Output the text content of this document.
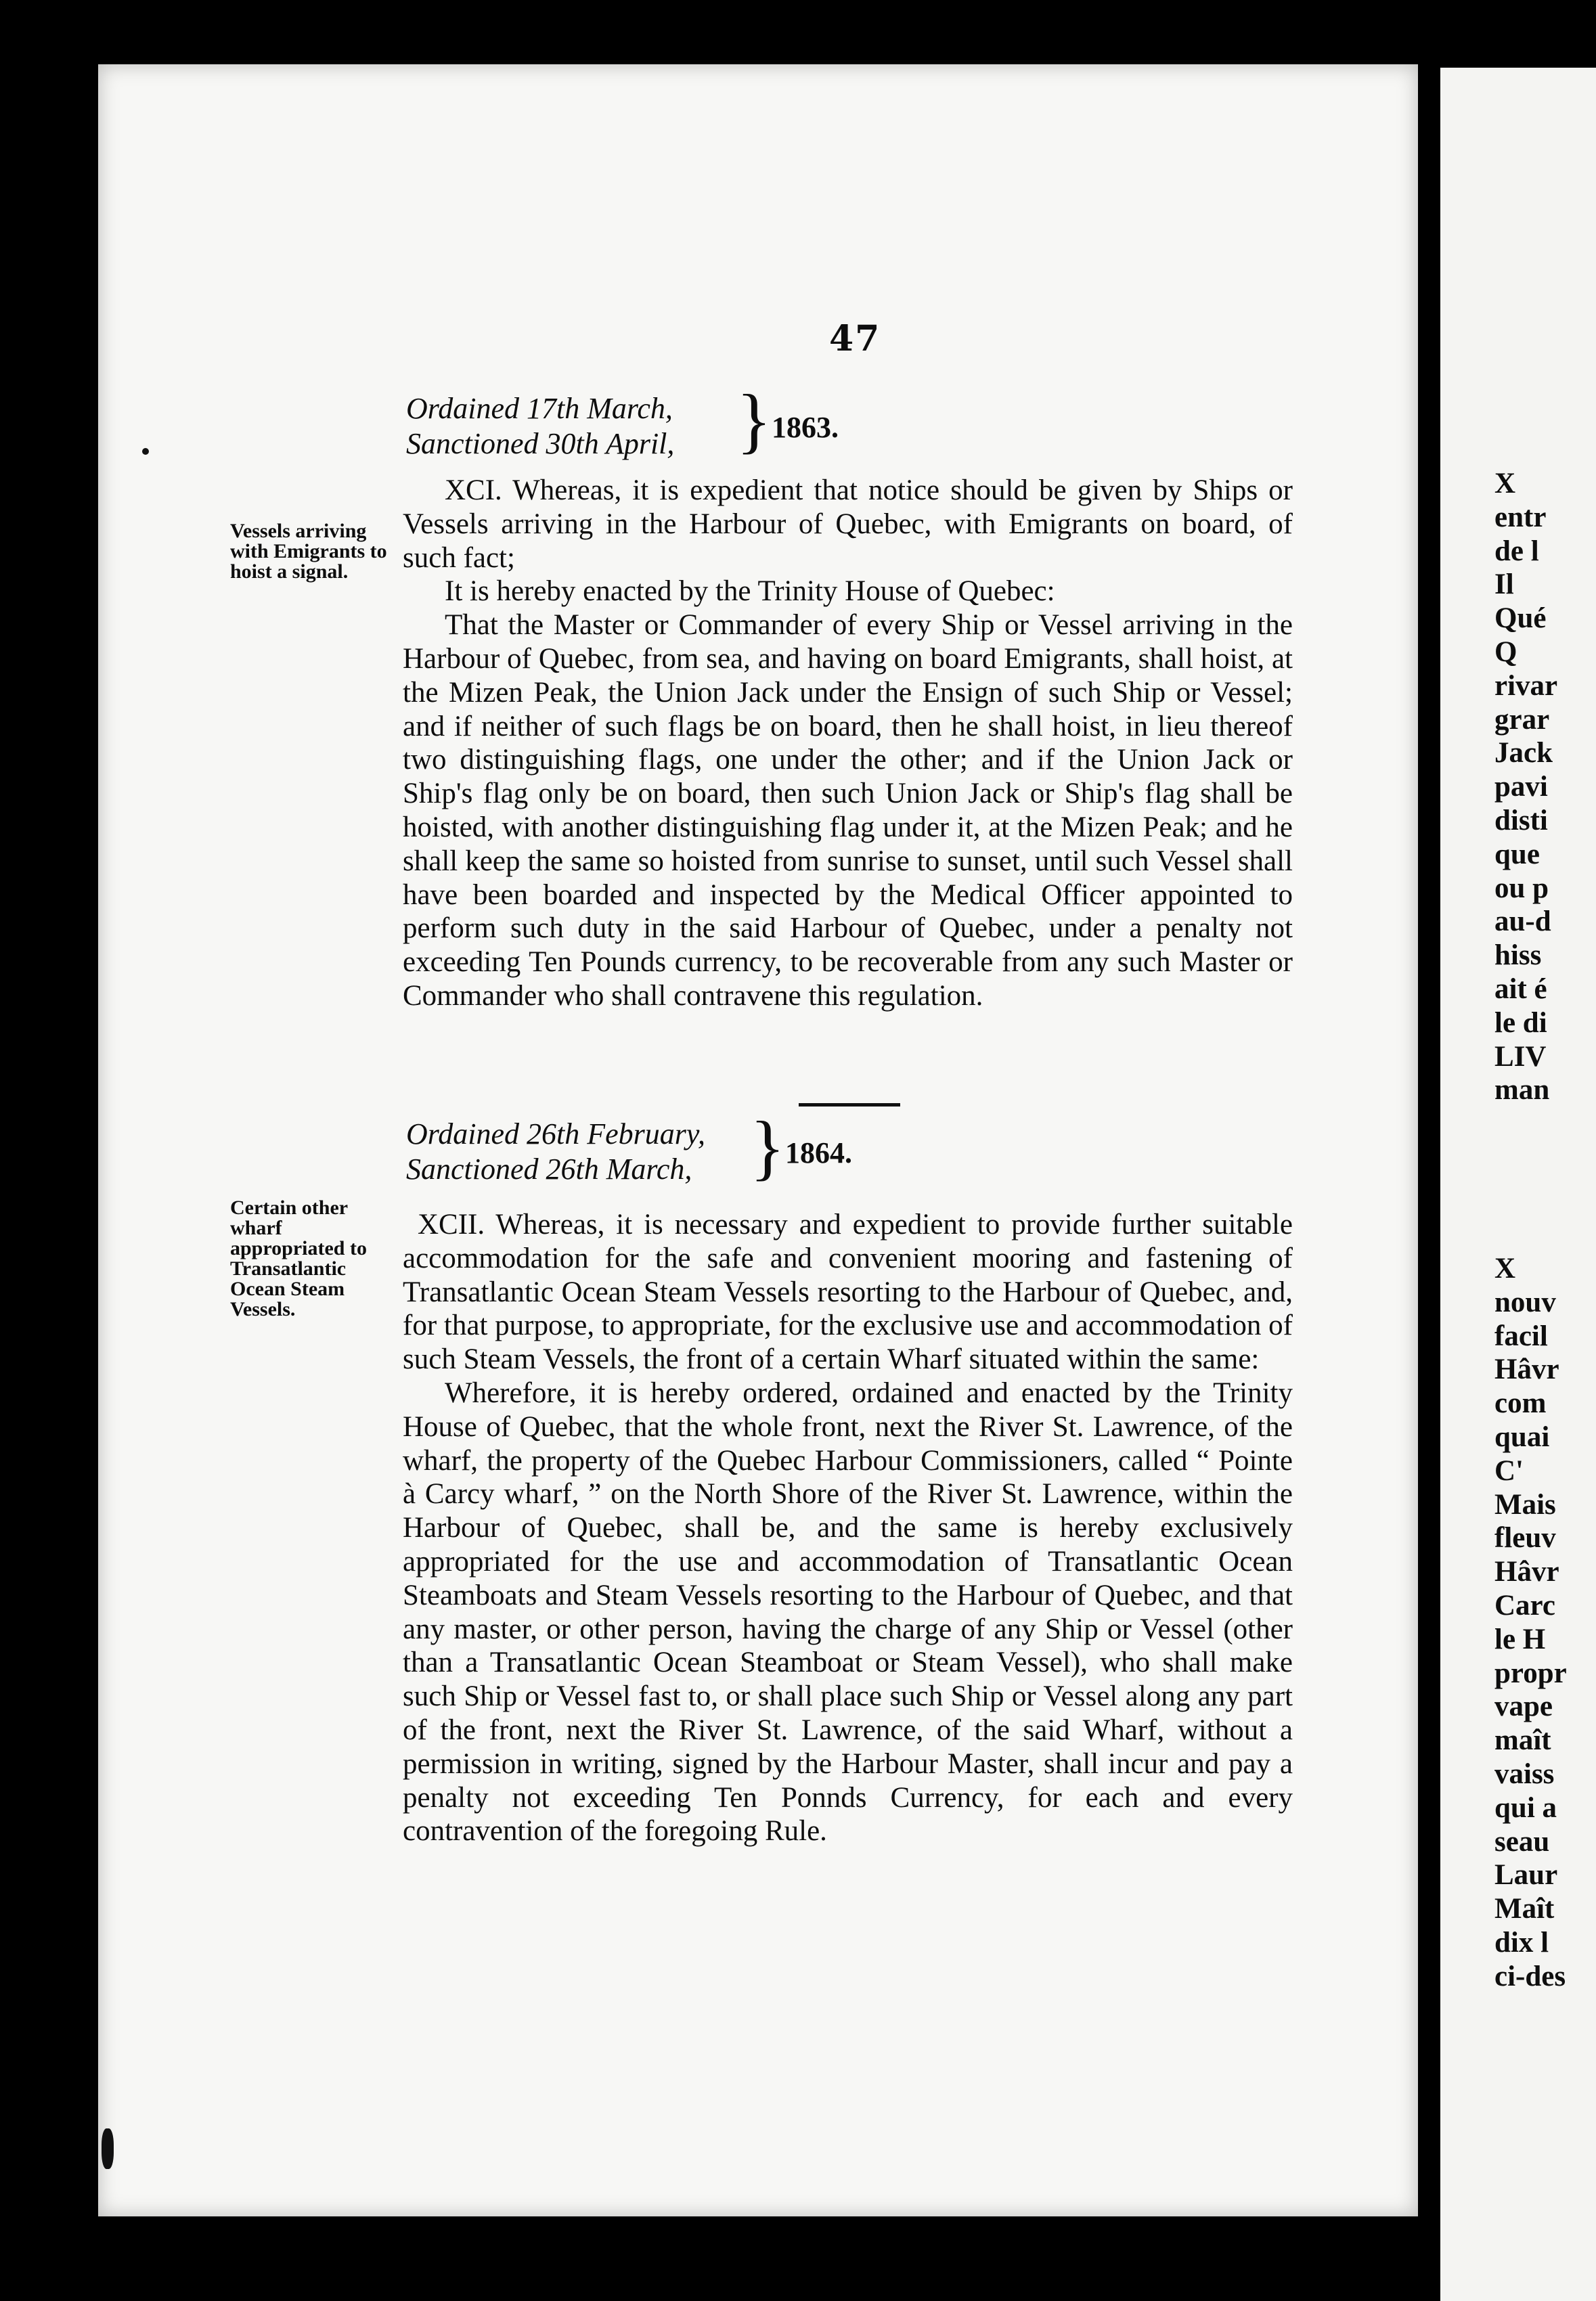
X
entr
de l
Il
Qué
Q
rivar
grar
Jack
pavi
disti
que
ou p
au-d
hiss
ait é
le di
LIV
man
X
nouv
facil
Hâvr
com
quai
C'
Mais
fleuv
Hâvr
Carc
le H
propr
vape
maît
vaiss
qui a
seau
Laur
Maît
dix l
ci-des
47
Ordained 17th March,
Sanctioned 30th April, } 1863.
Vessels arriving with Emigrants to hoist a signal.

XCI. Whereas, it is expedient that notice should be given by Ships or Vessels arriving in the Harbour of Quebec, with Emigrants on board, of such fact;

It is hereby enacted by the Trinity House of Quebec:

That the Master or Commander of every Ship or Vessel arriving in the Harbour of Quebec, from sea, and having on board Emigrants, shall hoist, at the Mizen Peak, the Union Jack under the Ensign of such Ship or Vessel; and if neither of such flags be on board, then he shall hoist, in lieu thereof two distinguishing flags, one under the other; and if the Union Jack or Ship's flag only be on board, then such Union Jack or Ship's flag shall be hoisted, with another distinguishing flag under it, at the Mizen Peak; and he shall keep the same so hoisted from sunrise to sunset, until such Vessel shall have been boarded and inspected by the Medical Officer appointed to perform such duty in the said Harbour of Quebec, under a penalty not exceeding Ten Pounds currency, to be recoverable from any such Master or Commander who shall contravene this regulation.

Ordained 26th February,
Sanctioned 26th March, } 1864.
Certain other wharf appropriated to Transatlantic Ocean Steam Vessels.

XCII. Whereas, it is necessary and expedient to provide further suitable accommodation for the safe and convenient mooring and fastening of Transatlantic Ocean Steam Vessels resorting to the Harbour of Quebec, and, for that purpose, to appropriate, for the exclusive use and accommodation of such Steam Vessels, the front of a certain Wharf situated within the same:

Wherefore, it is hereby ordered, ordained and enacted by the Trinity House of Quebec, that the whole front, next the River St. Lawrence, of the wharf, the property of the Quebec Harbour Commissioners, called “ Pointe à Carcy wharf, ” on the North Shore of the River St. Lawrence, within the Harbour of Quebec, shall be, and the same is hereby exclusively appropriated for the use and accommodation of Transatlantic Ocean Steamboats and Steam Vessels resorting to the Harbour of Quebec, and that any master, or other person, having the charge of any Ship or Vessel (other than a Transatlantic Ocean Steamboat or Steam Vessel), who shall make such Ship or Vessel fast to, or shall place such Ship or Vessel along any part of the front, next the River St. Lawrence, of the said Wharf, without a permission in writing, signed by the Harbour Master, shall incur and pay a penalty not exceeding Ten Ponnds Currency, for each and every contravention of the foregoing Rule.
